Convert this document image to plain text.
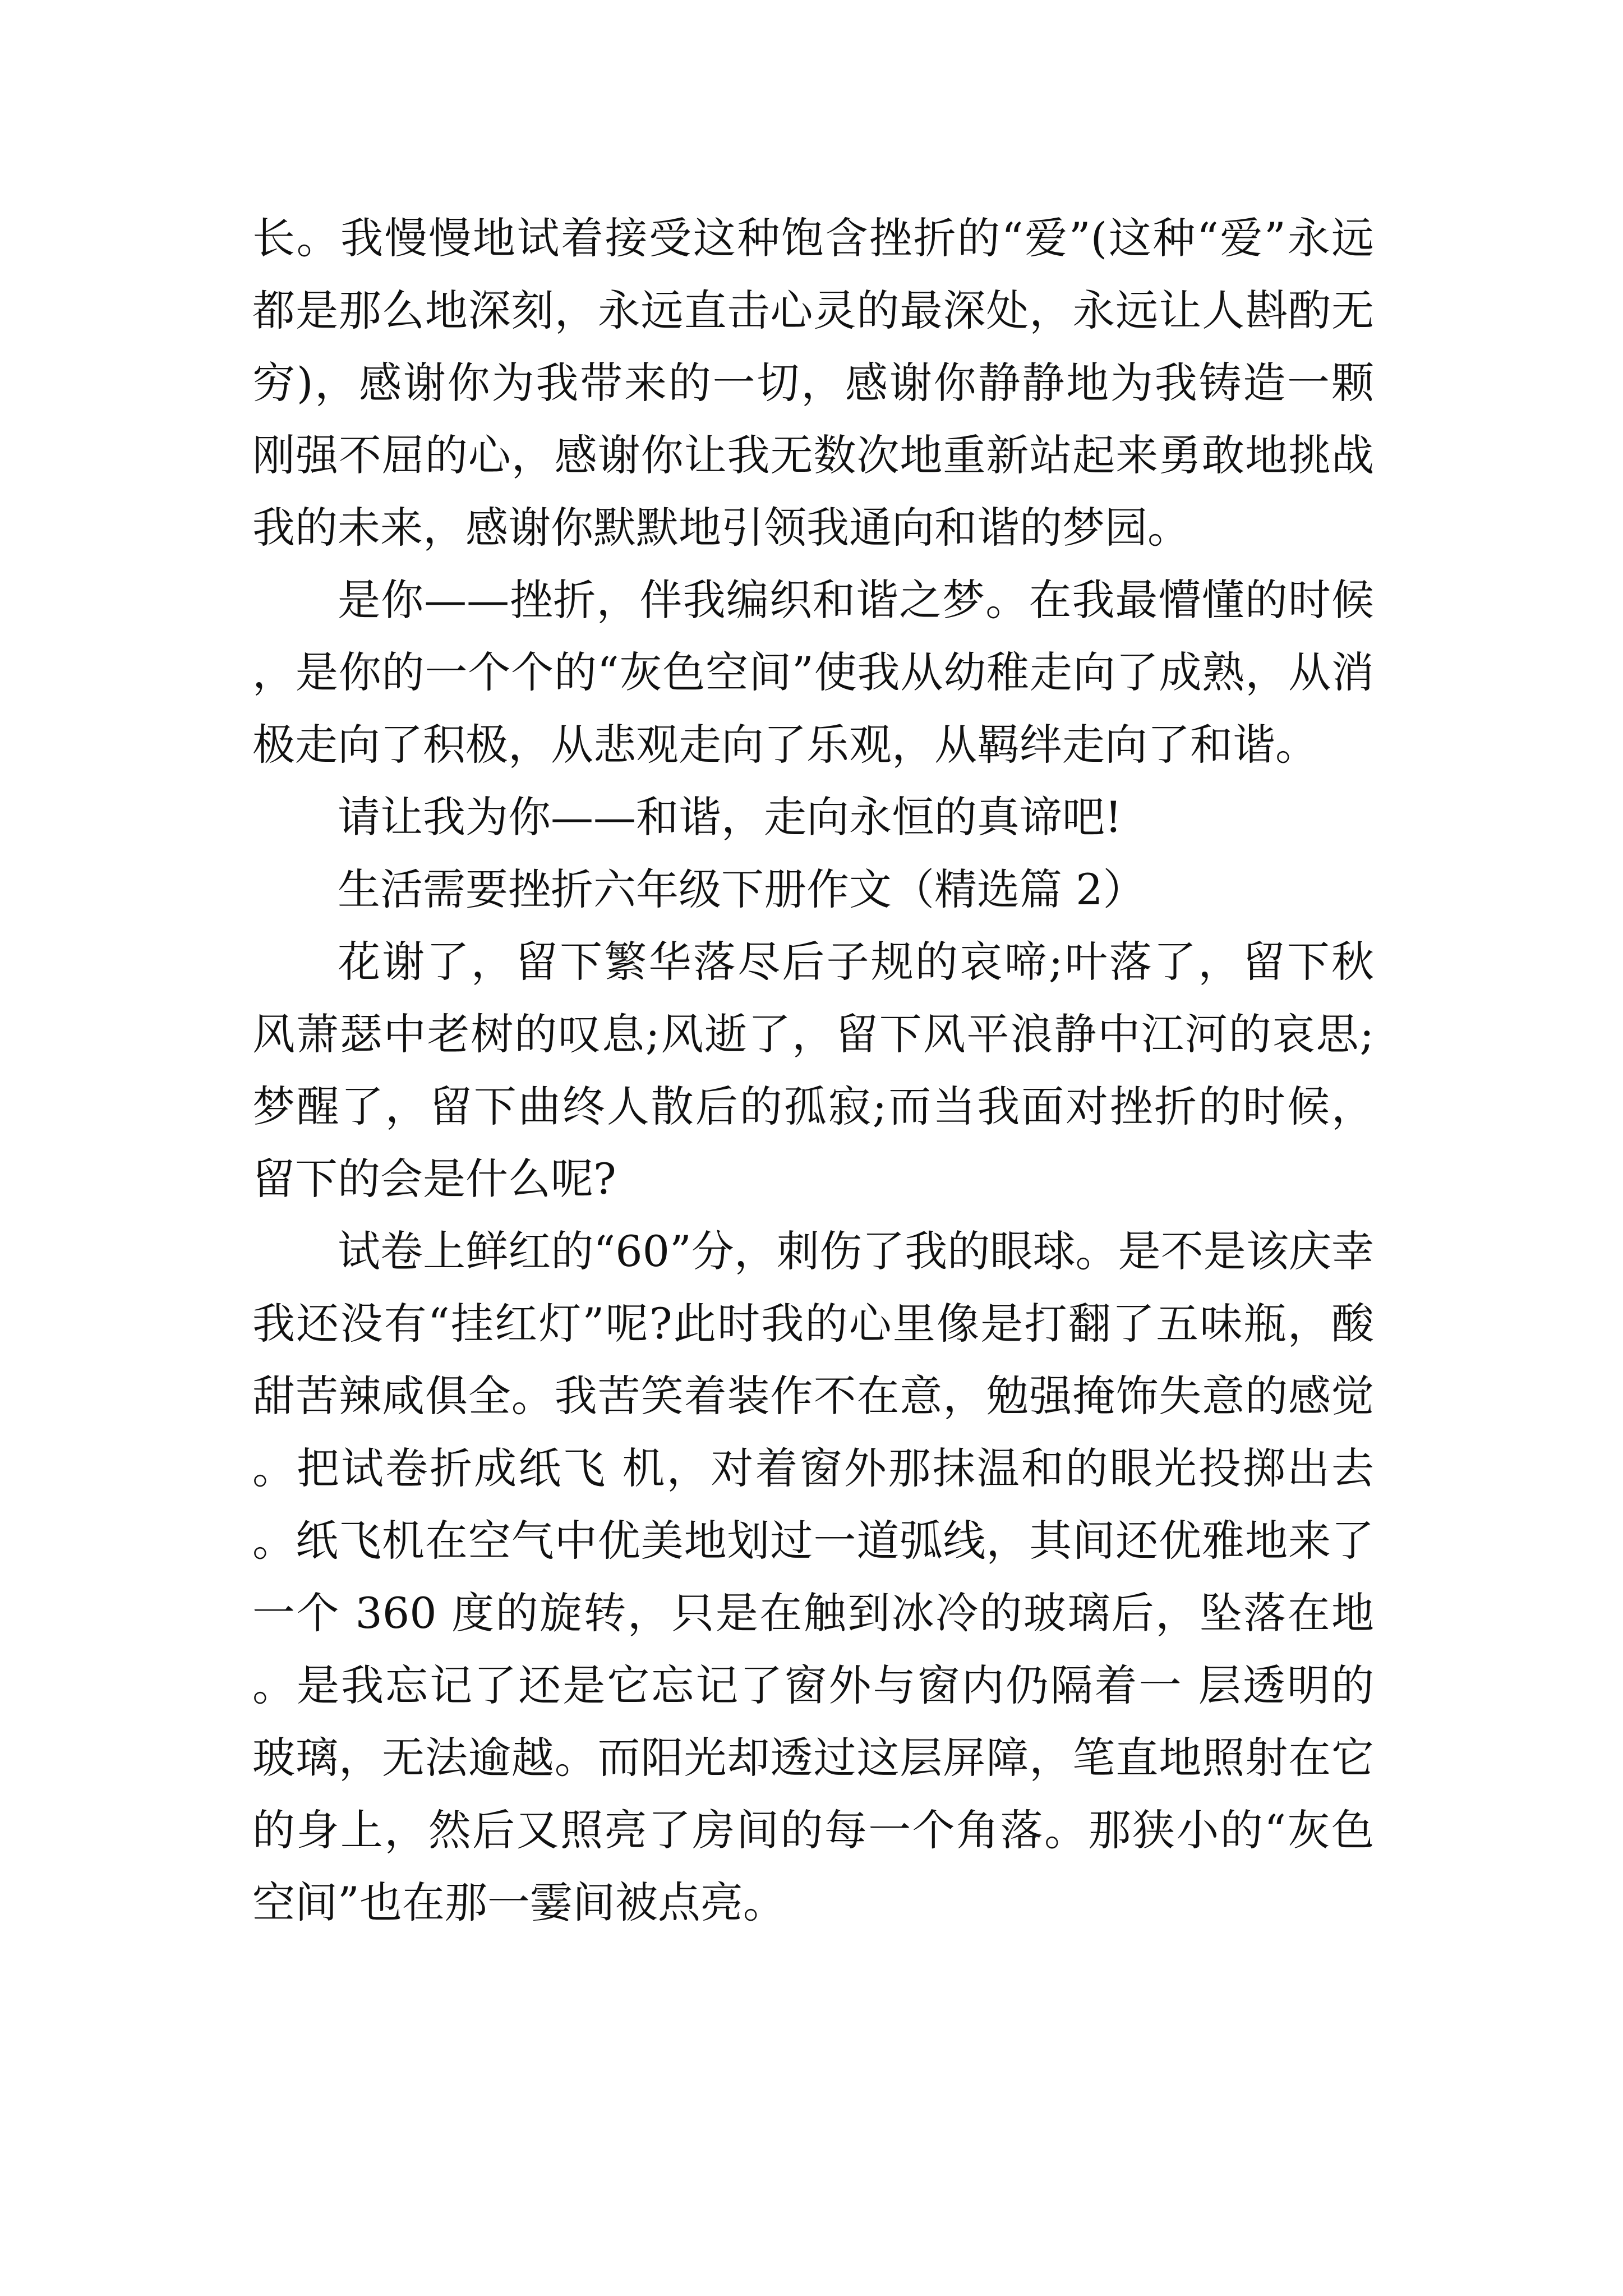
长。我慢慢地试着接受这种饱含挫折的“爱”(这种“爱”永远都是那么地深刻，永远直击心灵的最深处，永远让人斟酌无穷)，感谢你为我带来的一切，感谢你静静地为我铸造一颗刚强不屈的心，感谢你让我无数次地重新站起来勇敢地挑战我的未来，感谢你默默地引领我通向和谐的梦园。

是你——挫折，伴我编织和谐之梦。在我最懵懂的时候，是你的一个个的“灰色空间”使我从幼稚走向了成熟，从消极走向了积极，从悲观走向了乐观，从羁绊走向了和谐。

请让我为你——和谐，走向永恒的真谛吧!

生活需要挫折六年级下册作文（精选篇 2）

花谢了，留下繁华落尽后子规的哀啼;叶落了，留下秋风萧瑟中老树的叹息;风逝了，留下风平浪静中江河的哀思;梦醒了，留下曲终人散后的孤寂;而当我面对挫折的时候，留下的会是什么呢?

试卷上鲜红的“60”分，刺伤了我的眼球。是不是该庆幸我还没有“挂红灯”呢?此时我的心里像是打翻了五味瓶，酸甜苦辣咸俱全。我苦笑着装作不在意，勉强掩饰失意的感觉。把试卷折成纸飞 机，对着窗外那抹温和的眼光投掷出去。纸飞机在空气中优美地划过一道弧线，其间还优雅地来了一个 360 度的旋转，只是在触到冰冷的玻璃后，坠落在地。是我忘记了还是它忘记了窗外与窗内仍隔着一 层透明的玻璃，无法逾越。而阳光却透过这层屏障，笔直地照射在它的身上，然后又照亮了房间的每一个角落。那狭小的“灰色空间”也在那一霎间被点亮。
